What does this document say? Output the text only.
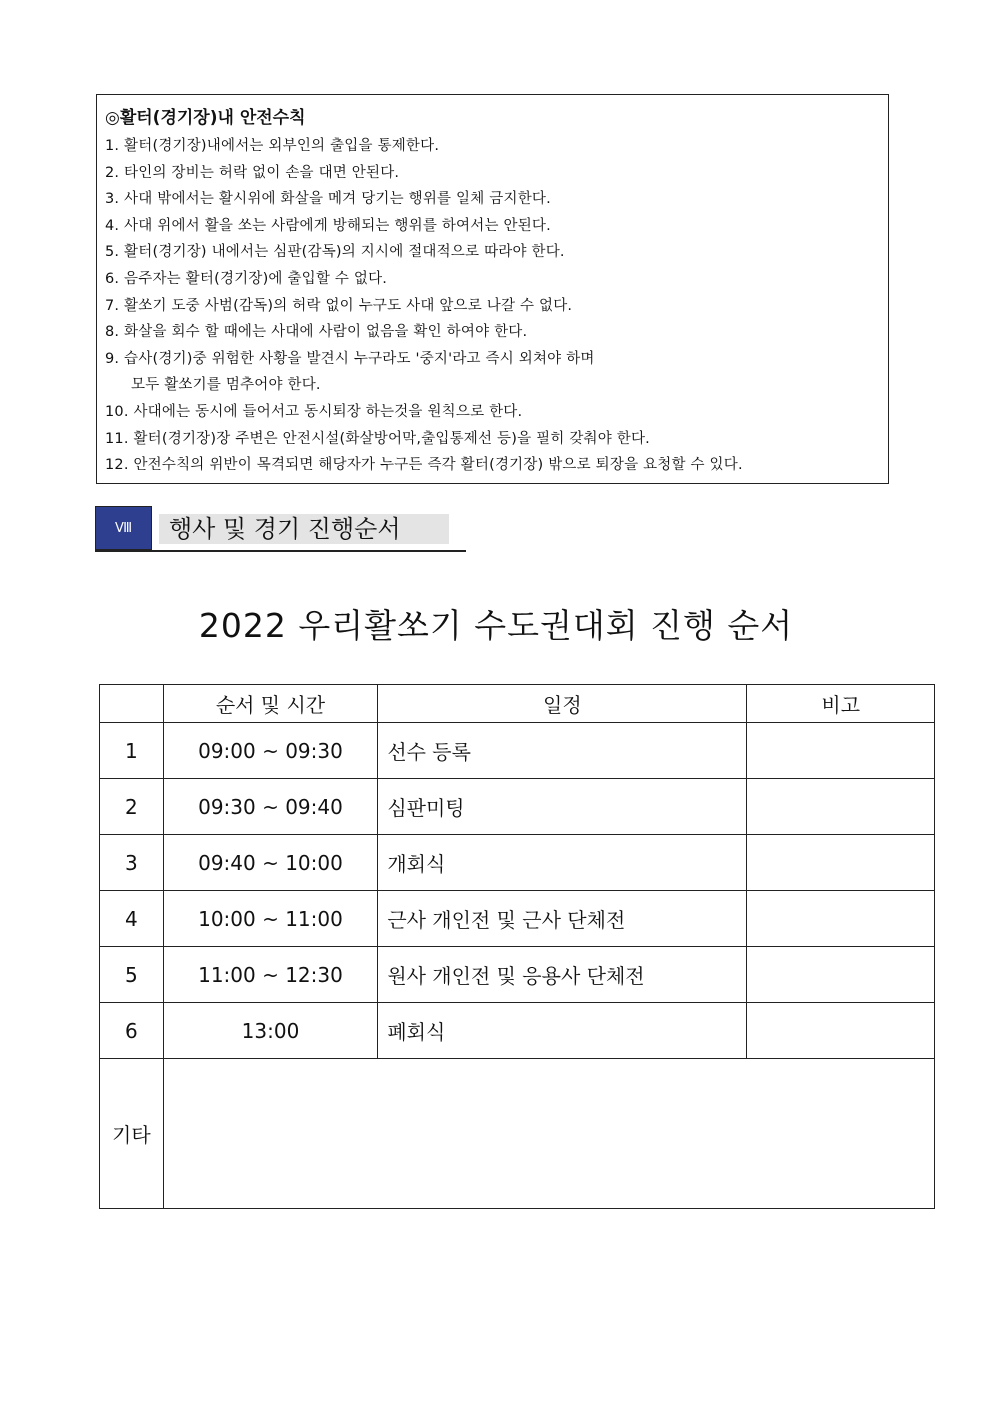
◎활터(경기장)내 안전수칙
1. 활터(경기장)내에서는 외부인의 출입을 통제한다.
2. 타인의 장비는 허락 없이 손을 대면 안된다.
3. 사대 밖에서는 활시위에 화살을 메겨 당기는 행위를 일체 금지한다.
4. 사대 위에서 활을 쏘는 사람에게 방해되는 행위를 하여서는 안된다.
5. 활터(경기장) 내에서는 심판(감독)의 지시에 절대적으로 따라야 한다.
6. 음주자는 활터(경기장)에 출입할 수 없다.
7. 활쏘기 도중 사범(감독)의 허락 없이 누구도 사대 앞으로 나갈 수 없다.
8. 화살을 회수 할 때에는 사대에 사람이 없음을 확인 하여야 한다.
9. 습사(경기)중 위험한 사황을 발견시 누구라도 '중지'라고 즉시 외쳐야 하며
모두 활쏘기를 멈추어야 한다.
10. 사대에는 동시에 들어서고 동시퇴장 하는것을 원칙으로 한다.
11. 활터(경기장)장 주변은 안전시설(화살방어막,출입통제선 등)을 필히 갖춰야 한다.
12. 안전수칙의 위반이 목격되면 해당자가 누구든 즉각 활터(경기장) 밖으로 퇴장을 요청할 수 있다.
Ⅷ	행사 및 경기 진행순서
2022 우리활쏘기 수도권대회 진행 순서
	순서 및 시간	일정	비고
1	09:00 ~ 09:30	선수 등록	
2	09:30 ~ 09:40	심판미팅	
3	09:40 ~ 10:00	개회식	
4	10:00 ~ 11:00	근사 개인전 및 근사 단체전	
5	11:00 ~ 12:30	원사 개인전 및 응용사 단체전	
6	13:00	폐회식	
기타			
